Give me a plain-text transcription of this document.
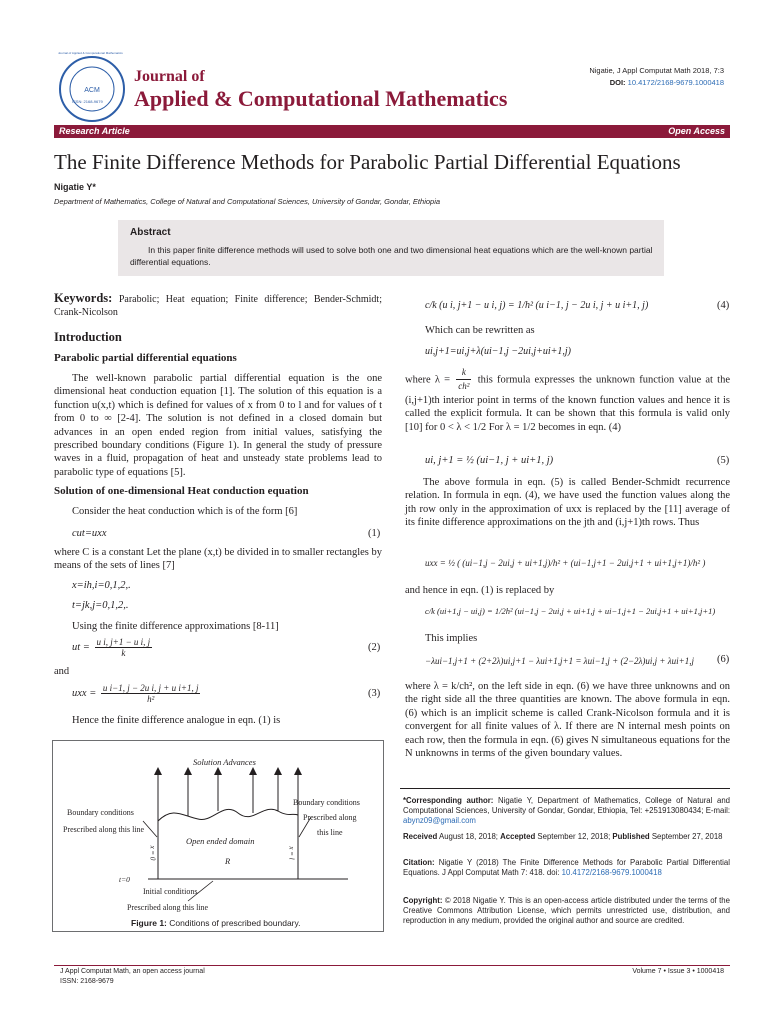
ACM
Journal of Applied & Computational Mathematics
ISSN: 2168-9679
Journal of
Applied & Computational Mathematics
Nigatie, J Appl Computat Math 2018, 7:3
DOI: 10.4172/2168-9679.1000418
Research Article	Open Access
The Finite Difference Methods for Parabolic Partial Differential Equations
Nigatie Y*
Department of Mathematics, College of Natural and Computational Sciences, University of Gondar, Gondar, Ethiopia
Abstract
In this paper finite difference methods will used to solve both one and two dimensional heat equations which are the well-known partial differential equations.
Keywords: Parabolic; Heat equation; Finite difference; Bender-Schmidt; Crank-Nicolson
Introduction
Parabolic partial differential equations
The well-known parabolic partial differential equation is the one dimensional heat conduction equation [1]. The solution of this equation is a function u(x,t) which is defined for values of x from 0 to l and for values of t from 0 to ∞ [2-4]. The solution is not defined in a closed domain but advances in an open ended region from initial values, satisfying the prescribed boundary conditions (Figure 1). In general the study of pressure waves in a fluid, propagation of heat and unsteady state problems lead to parabolic type of equations [5].
Solution of one-dimensional Heat conduction equation
Consider the heat conduction which is of the form [6]
cut=uxx	(1)
where C is a constant Let the plane (x,t) be divided in to smaller rectangles by means of the sets of lines [7]
x=ih,i=0,1,2,.
t=jk,j=0,1,2,.
Using the finite difference approximations [8-11]
ut = $\frac{\text{u i, j+1 − u i, j}}{k}$	(2)
and
uxx = $\frac{\text{u i−1, j − 2u i, j + u i+1, j}}{\text{h²}}$	(3)
Hence the finite difference analogue in eqn. (1) is
Solution Advances
Boundary conditions
Prescribed along this line
Boundary conditions
Prescribed along
this line
Open ended domain
R
x = 0	x = l
t=0
Initial conditions
Prescribed along this line
Figure 1: Conditions of prescribed boundary.
c/k (u i, j+1 − u i, j) = 1/h² (u i−1, j − 2u i, j + u i+1, j)	(4)
Which can be rewritten as
ui,j+1=ui,j+λ(ui−1,j −2ui,j+ui+1,j)
where $\lambda = \frac{k}{\text{ch²}}$ this formula expresses the unknown function value at the (i,j+1)th interior point in terms of the known function values and hence it is called the explicit formula. It can be shown that this formula is valid only [10] for 0 < λ < 1/2 For λ = 1/2 becomes in eqn. (4)
ui, j+1 = ½ (ui−1, j + ui+1, j)	(5)
The above formula in eqn. (5) is called Bender-Schmidt recurrence relation. In formula in eqn. (4), we have used the function values along the jth row only in the approximation of uxx is replaced by the [11] average of its finite difference approximations on the jth and (i,j+1)th rows. Thus
uxx = ½ ( (ui−1,j − 2ui,j + ui+1,j)/h² + (ui−1,j+1 − 2ui,j+1 + ui+1,j+1)/h² )
and hence in eqn. (1) is replaced by
c/k (ui+1,j − ui,j) = 1/2h² (ui−1,j − 2ui,j + ui+1,j + ui−1,j+1 − 2ui,j+1 + ui+1,j+1)
This implies
−λui−1,j+1 + (2+2λ)ui,j+1 − λui+1,j+1 = λui−1,j + (2−2λ)ui,j + λui+1,j (6)
where λ = k/ch², on the left side in eqn. (6) we have three unknowns and on the right side all the three quantities are known. The above formula in eqn. (6) which is an implicit scheme is called Crank-Nicolson formula and it is convergent for all finite values of λ. If there are N internal mesh points on each row, then the formula in eqn. (6) gives N simultaneous equations for the N unknowns in terms of the given boundary values.
*Corresponding author: Nigatie Y, Department of Mathematics, College of Natural and Computational Sciences, University of Gondar, Gondar, Ethiopia, Tel: +251913080434; E-mail: abynz09@gmail.com
Received August 18, 2018; Accepted September 12, 2018; Published September 27, 2018
Citation: Nigatie Y (2018) The Finite Difference Methods for Parabolic Partial Differential Equations. J Appl Computat Math 7: 418. doi: 10.4172/2168-9679.1000418
Copyright: © 2018 Nigatie Y. This is an open-access article distributed under the terms of the Creative Commons Attribution License, which permits unrestricted use, distribution, and reproduction in any medium, provided the original author and source are credited.
J Appl Computat Math, an open access journal
ISSN: 2168-9679
Volume 7 • Issue 3 • 1000418
